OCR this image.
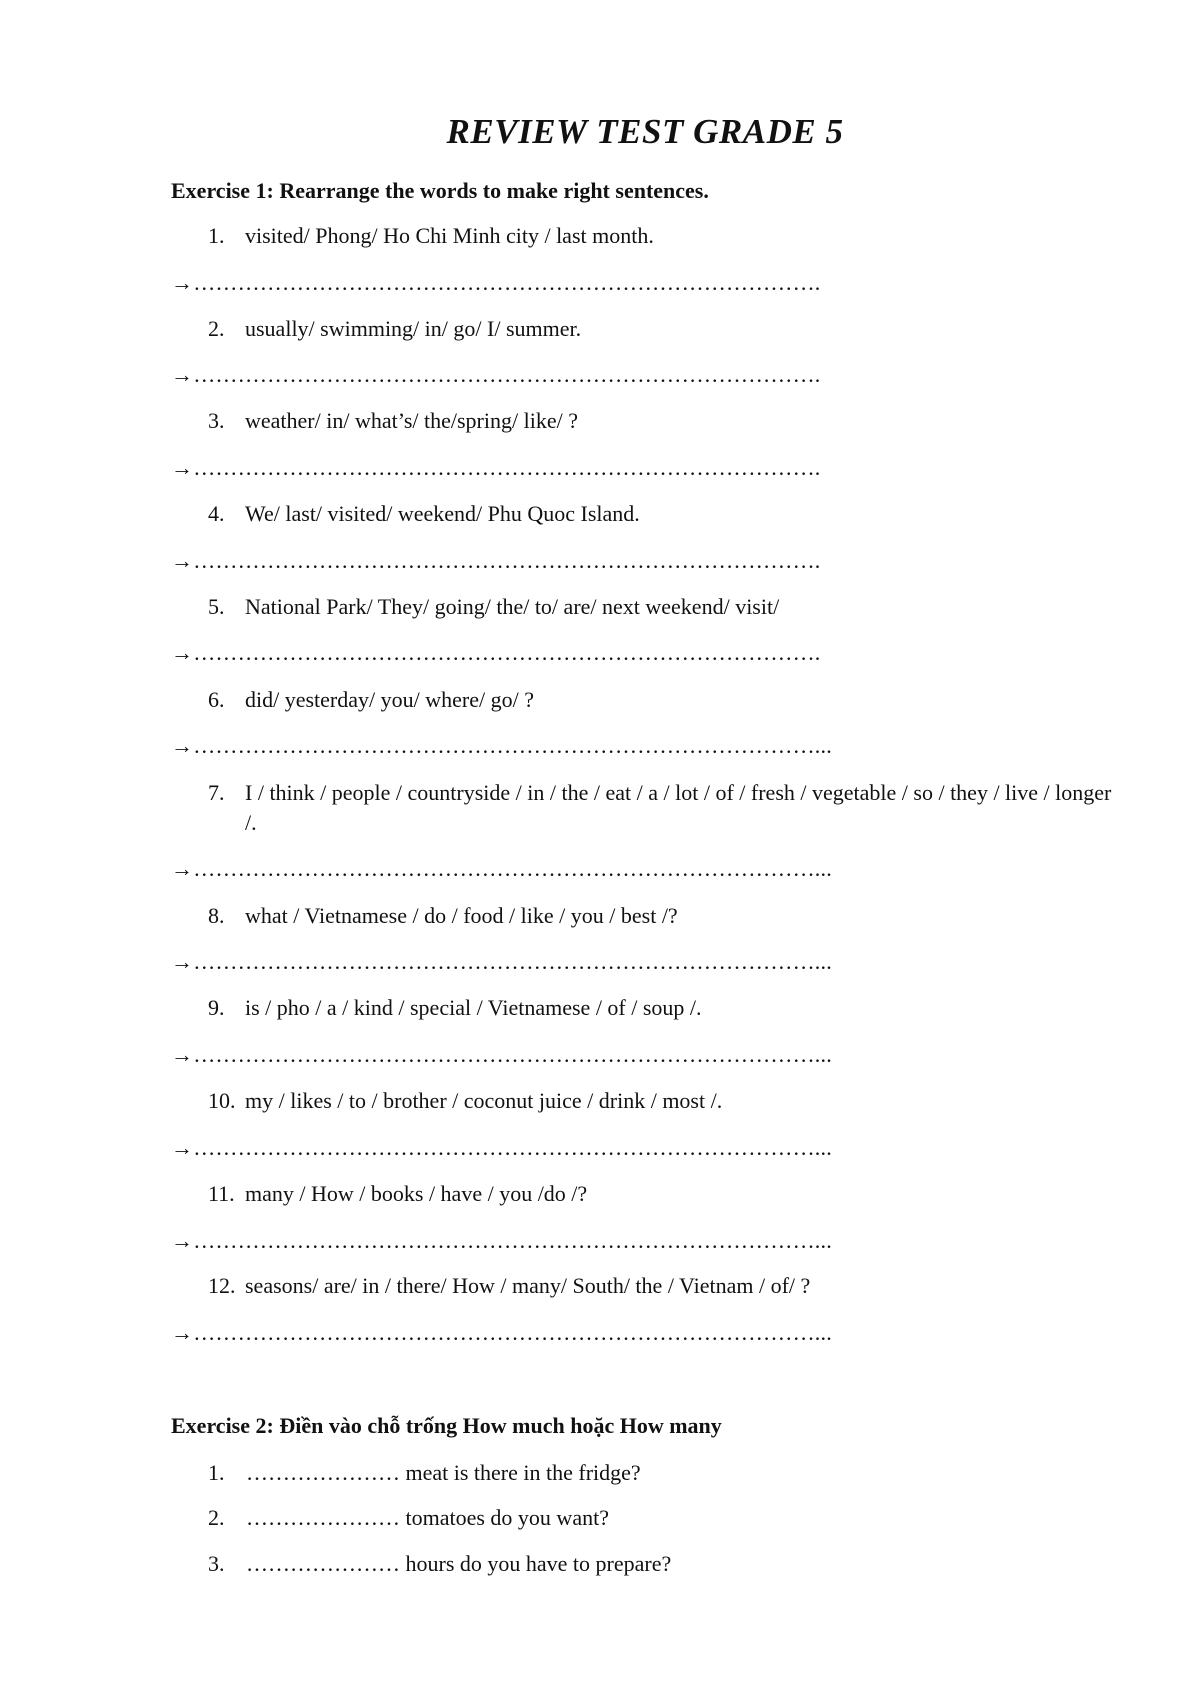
REVIEW TEST GRADE 5
Exercise 1: Rearrange the words to make right sentences.
1. visited/ Phong/ Ho Chi Minh city / last month.
→………………………………………………………………………….
2. usually/ swimming/ in/ go/ I/ summer.
→………………………………………………………………………….
3. weather/ in/ what’s/ the/spring/ like/ ?
→………………………………………………………………………….
4. We/ last/ visited/ weekend/ Phu Quoc Island.
→………………………………………………………………………….
5. National Park/ They/ going/ the/ to/ are/ next weekend/ visit/
→………………………………………………………………………….
6. did/ yesterday/ you/ where/ go/ ?
→…………………………………………………………………………...
7. I / think / people / countryside / in / the / eat / a / lot / of / fresh / vegetable / so / they / live / longer /.
→…………………………………………………………………………...
8. what / Vietnamese / do / food / like / you / best /?
→…………………………………………………………………………...
9. is / pho / a / kind / special / Vietnamese / of / soup /.
→…………………………………………………………………………...
10. my / likes / to / brother / coconut juice / drink / most /.
→…………………………………………………………………………...
11. many / How / books / have / you /do /?
→…………………………………………………………………………...
12. seasons/ are/ in / there/ How / many/ South/ the / Vietnam / of/ ?
→…………………………………………………………………………...
Exercise 2: Điền vào chỗ trống How much hoặc How many
1. ………………… meat is there in the fridge?
2. ………………… tomatoes do you want?
3. ………………… hours do you have to prepare?
